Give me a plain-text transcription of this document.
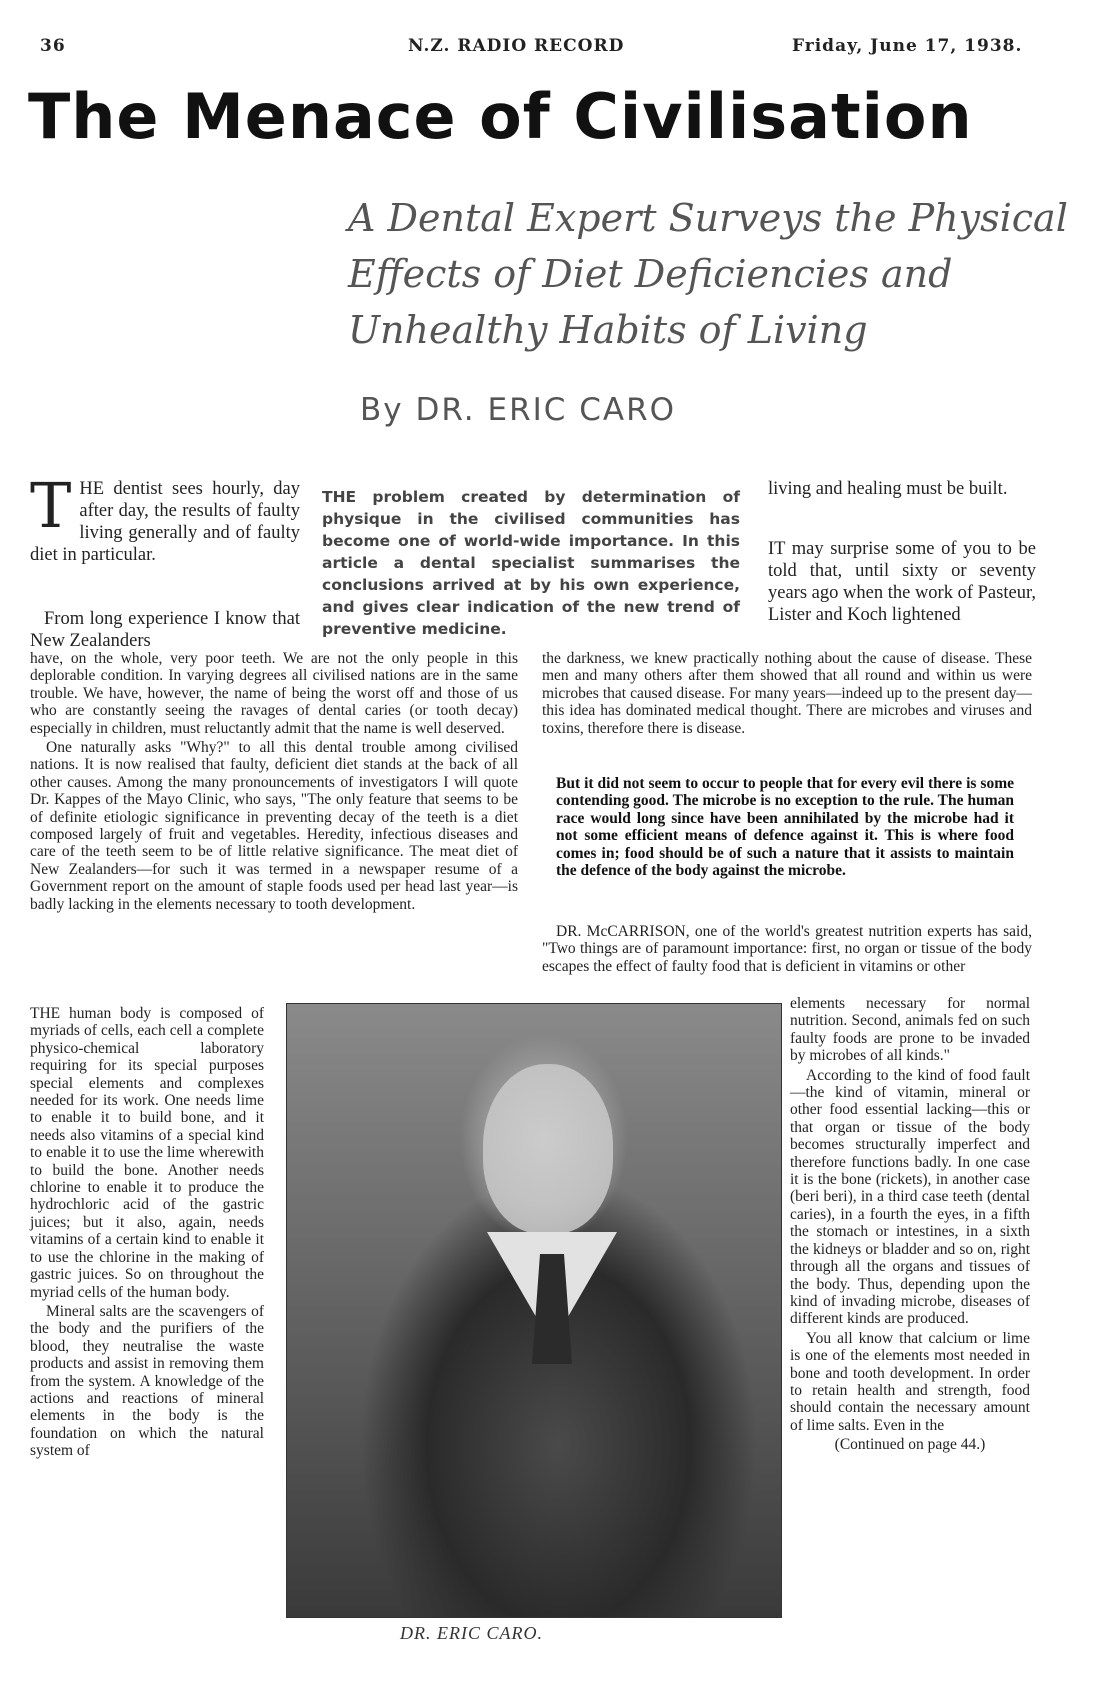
36	N.Z. RADIO RECORD	Friday, June 17, 1938.
The Menace of Civilisation
A Dental Expert Surveys the Physical Effects of Diet Deficiencies and Unhealthy Habits of Living
By DR. ERIC CARO
THE dentist sees hourly, day after day, the results of faulty living generally and of faulty diet in particular.
From long experience I know that New Zealanders
THE problem created by determination of physique in the civilised communities has become one of world-wide importance. In this article a dental specialist summarises the conclusions arrived at by his own experience, and gives clear indication of the new trend of preventive medicine.
living and healing must be built.
IT may surprise some of you to be told that, until sixty or seventy years ago when the work of Pasteur, Lister and Koch lightened

have, on the whole, very poor teeth. We are not the only people in this deplorable condition. In varying degrees all civilised nations are in the same trouble. We have, however, the name of being the worst off and those of us who are constantly seeing the ravages of dental caries (or tooth decay) especially in children, must reluctantly admit that the name is well deserved.

One naturally asks "Why?" to all this dental trouble among civilised nations. It is now realised that faulty, deficient diet stands at the back of all other causes. Among the many pronouncements of investigators I will quote Dr. Kappes of the Mayo Clinic, who says, "The only feature that seems to be of definite etiologic significance in preventing decay of the teeth is a diet composed largely of fruit and vegetables. Heredity, infectious diseases and care of the teeth seem to be of little relative significance. The meat diet of New Zealanders—for such it was termed in a newspaper resume of a Government report on the amount of staple foods used per head last year—is badly lacking in the elements necessary to tooth development.

the darkness, we knew practically nothing about the cause of disease. These men and many others after them showed that all round and within us were microbes that caused disease. For many years—indeed up to the present day—this idea has dominated medical thought. There are microbes and viruses and toxins, therefore there is disease.

But it did not seem to occur to people that for every evil there is some contending good. The microbe is no exception to the rule. The human race would long since have been annihilated by the microbe had it not some efficient means of defence against it. This is where food comes in; food should be of such a nature that it assists to maintain the defence of the body against the microbe.
DR. McCARRISON, one of the world's greatest nutrition experts has said, "Two things are of paramount importance: first, no organ or tissue of the body escapes the effect of faulty food that is deficient in vitamins or other

elements necessary for normal nutrition. Second, animals fed on such faulty foods are prone to be invaded by microbes of all kinds."

According to the kind of food fault—the kind of vitamin, mineral or other food essential lacking—this or that organ or tissue of the body becomes structurally imperfect and therefore functions badly. In one case it is the bone (rickets), in another case (beri beri), in a third case teeth (dental caries), in a fourth the eyes, in a fifth the stomach or intestines, in a sixth the kidneys or bladder and so on, right through all the organs and tissues of the body. Thus, depending upon the kind of invading microbe, diseases of different kinds are produced.

You all know that calcium or lime is one of the elements most needed in bone and tooth development. In order to retain health and strength, food should contain the necessary amount of lime salts. Even in the

(Continued on page 44.)

THE human body is composed of myriads of cells, each cell a complete physico-chemical laboratory requiring for its special purposes special elements and complexes needed for its work. One needs lime to enable it to build bone, and it needs also vitamins of a special kind to enable it to use the lime wherewith to build the bone. Another needs chlorine to enable it to produce the hydrochloric acid of the gastric juices; but it also, again, needs vitamins of a certain kind to enable it to use the chlorine in the making of gastric juices. So on throughout the myriad cells of the human body.

Mineral salts are the scavengers of the body and the purifiers of the blood, they neutralise the waste products and assist in removing them from the system. A knowledge of the actions and reactions of mineral elements in the body is the foundation on which the natural system of

DR. ERIC CARO.
